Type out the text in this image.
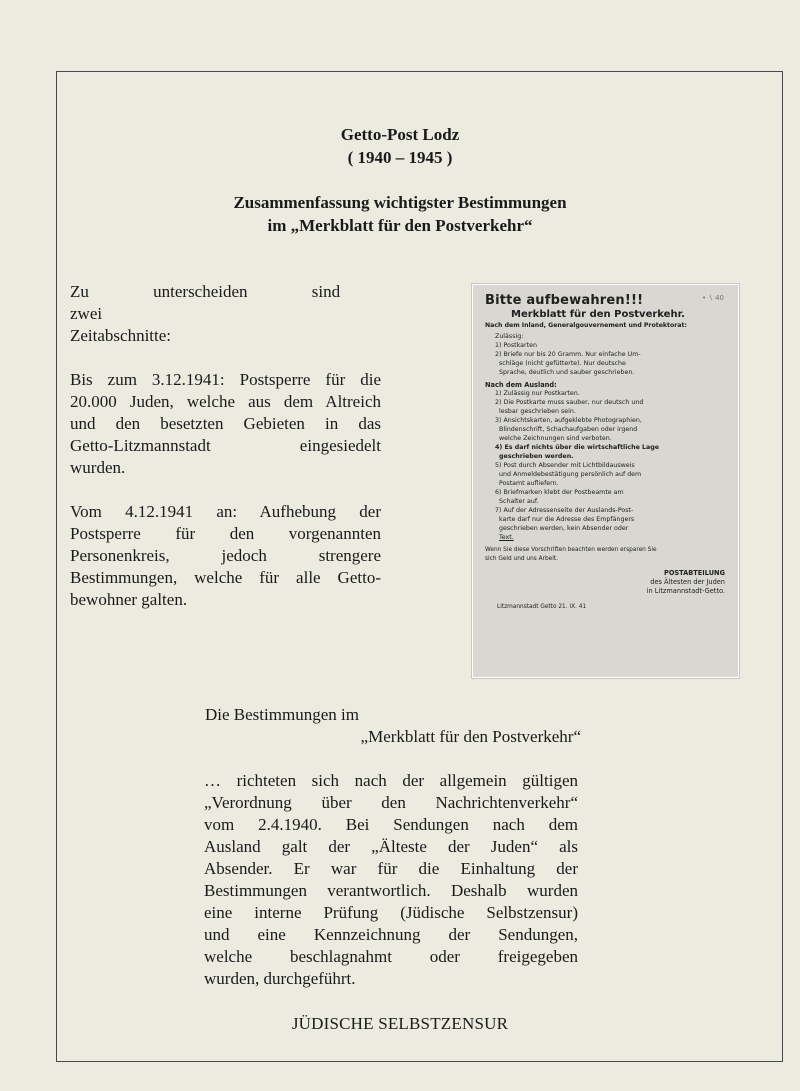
Getto-Post Lodz
( 1940 – 1945 )
Zusammenfassung wichtigster Bestimmungen
im „Merkblatt für den Postverkehr“
Zu unterscheiden sind zwei
Zeitabschnitte:
Bis zum 3.12.1941: Postsperre für die
20.000 Juden, welche aus dem Altreich
und den besetzten Gebieten in das
Getto-Litzmannstadt eingesiedelt
wurden.
Vom 4.12.1941 an: Aufhebung der
Postsperre für den vorgenannten
Personenkreis, jedoch strengere
Bestimmungen, welche für alle Getto-
bewohner galten.
• ∖ 40
Bitte aufbewahren!!!
Merkblatt für den Postverkehr.
Nach dem Inland, Generalgouvernement und Protektorat:
Zulässig:
1) Postkarten
2) Briefe nur bis 20 Gramm. Nur einfache Um-
schläge (nicht gefütterte). Nur deutsche
Sprache, deutlich und sauber geschrieben.
Nach dem Ausland:
1) Zulässig nur Postkarten.
2) Die Postkarte muss sauber, nur deutsch und
lesbar geschrieben sein.
3) Ansichtskarten, aufgeklebte Photographien,
Blindenschrift, Schachaufgaben oder irgend
welche Zeichnungen sind verboten.
4) Es darf nichts über die wirtschaftliche Lage
geschrieben werden.
5) Post durch Absender mit Lichtbildausweis
und Anmeldebestätigung persönlich auf dem
Postamt aufliefern.
6) Briefmarken klebt der Postbeamte am
Schalter auf.
7) Auf der Adressenseite der Auslands-Post-
karte darf nur die Adresse des Empfängers
geschrieben werden, kein Absender oder
Text.
Wenn Sie diese Vorschriften beachten werden ersparen Sie
sich Geld und uns Arbeit.
POSTABTEILUNG
des Ältesten der Juden
in Litzmannstadt-Getto.
Litzmannstadt Getto 21. IX. 41
Die Bestimmungen im
„Merkblatt für den Postverkehr“
… richteten sich nach der allgemein gültigen
„Verordnung über den Nachrichtenverkehr“
vom 2.4.1940. Bei Sendungen nach dem
Ausland galt der „Älteste der Juden“ als
Absender. Er war für die Einhaltung der
Bestimmungen verantwortlich. Deshalb wurden
eine interne Prüfung (Jüdische Selbstzensur)
und eine Kennzeichnung der Sendungen,
welche beschlagnahmt oder freigegeben
wurden, durchgeführt.
JÜDISCHE SELBSTZENSUR
